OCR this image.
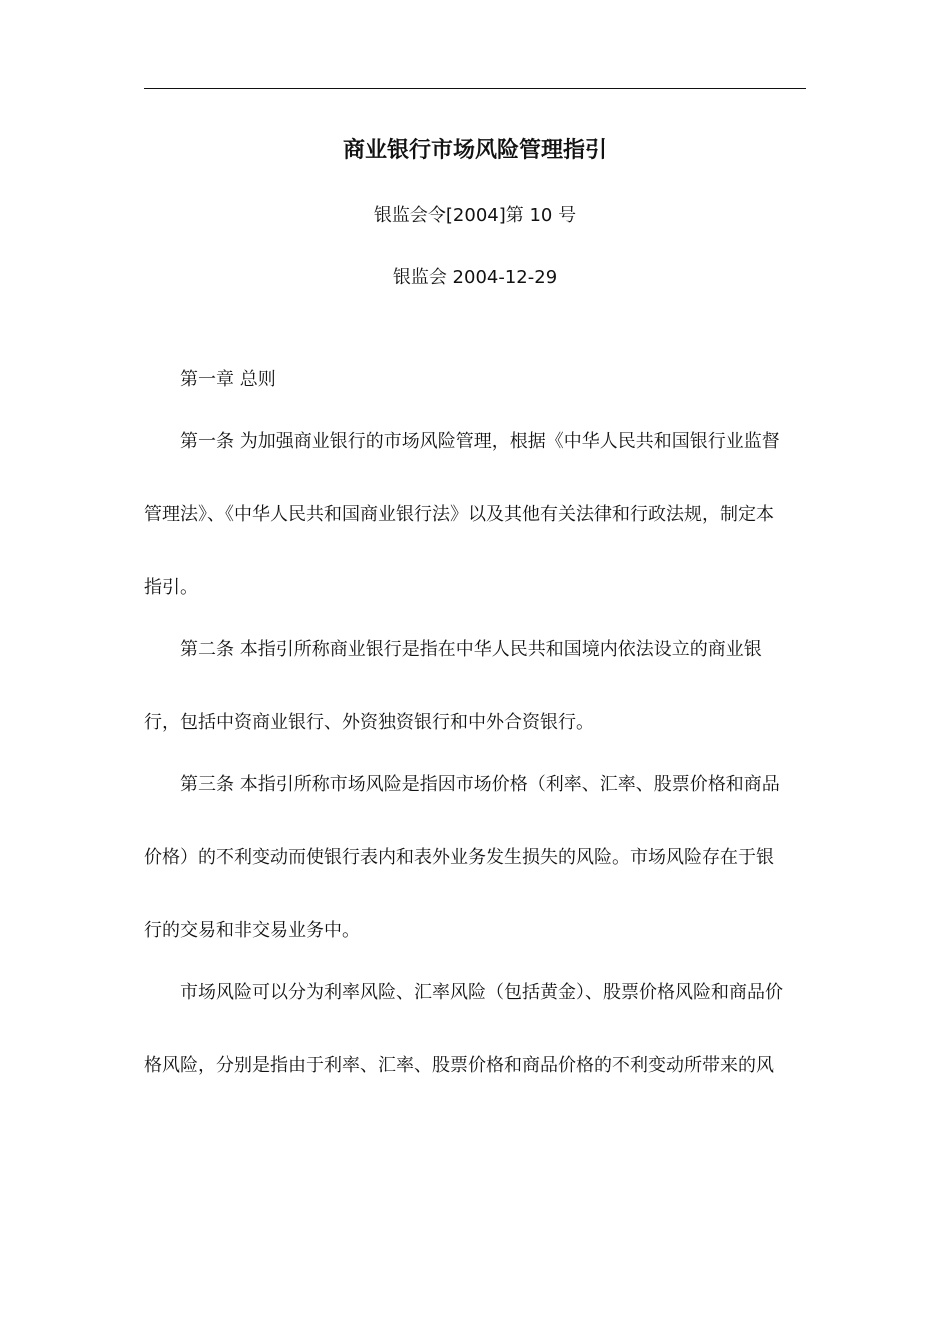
商业银行市场风险管理指引
银监会令[2004]第 10 号
银监会 2004-12-29

第一章 总则

第一条 为加强商业银行的市场风险管理，根据《中华人民共和国银行业监督
管理法》、《中华人民共和国商业银行法》以及其他有关法律和行政法规，制定本
指引。
第二条 本指引所称商业银行是指在中华人民共和国境内依法设立的商业银
行，包括中资商业银行、外资独资银行和中外合资银行。
第三条 本指引所称市场风险是指因市场价格（利率、汇率、股票价格和商品
价格）的不利变动而使银行表内和表外业务发生损失的风险。市场风险存在于银
行的交易和非交易业务中。
市场风险可以分为利率风险、汇率风险（包括黄金）、股票价格风险和商品价
格风险，分别是指由于利率、汇率、股票价格和商品价格的不利变动所带来的风
